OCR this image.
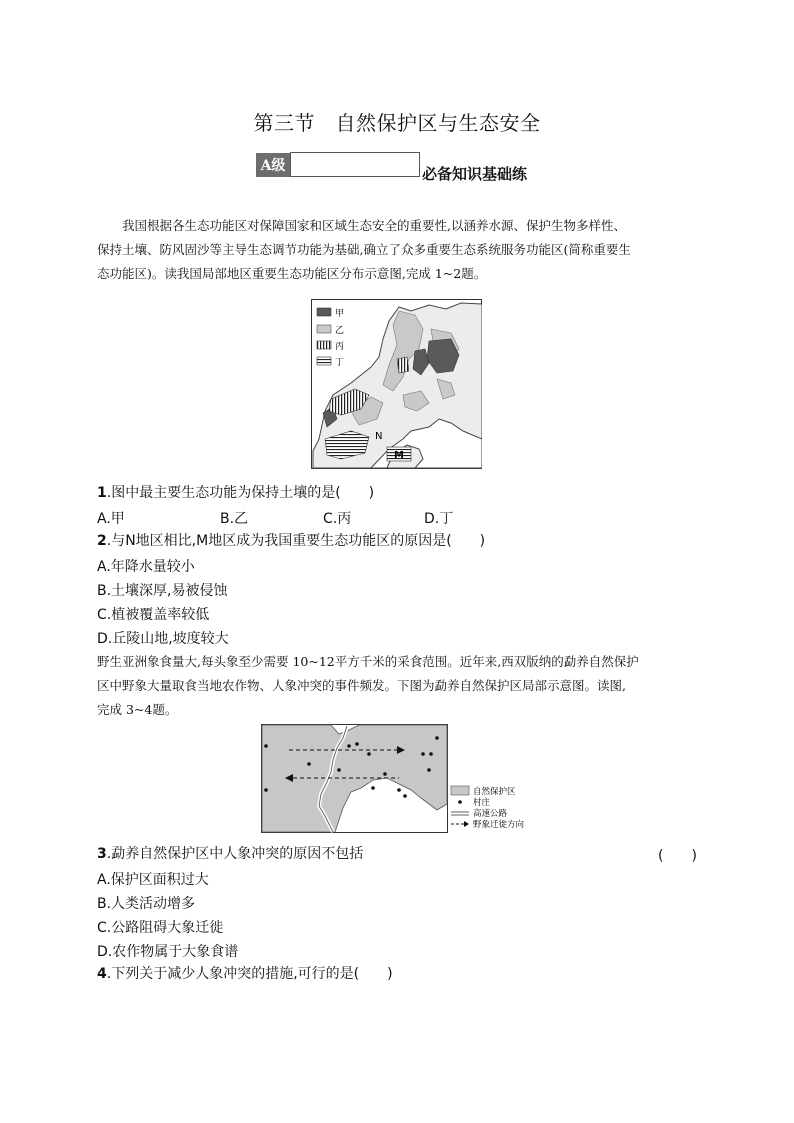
第三节　自然保护区与生态安全
A级	必备知识基础练
我国根据各生态功能区对保障国家和区域生态安全的重要性,以涵养水源、保护生物多样性、
保持土壤、防风固沙等主导生态调节功能为基础,确立了众多重要生态系统服务功能区(简称重要生
态功能区)。读我国局部地区重要生态功能区分布示意图,完成 1~2题。
甲
乙
丙
丁
N
M
1.图中最主要生态功能为保持土壤的是(　　)
A.甲	B.乙	C.丙	D.丁
2.与N地区相比,M地区成为我国重要生态功能区的原因是(　　)
A.年降水量较小
B.土壤深厚,易被侵蚀
C.植被覆盖率较低
D.丘陵山地,坡度较大
野生亚洲象食量大,每头象至少需要 10~12平方千米的采食范围。近年来,西双版纳的勐养自然保护
区中野象大量取食当地农作物、人象冲突的事件频发。下图为勐养自然保护区局部示意图。读图,
完成 3~4题。
自然保护区
村庄
高速公路
野象迁徙方向
3.勐养自然保护区中人象冲突的原因不包括	(　　)
A.保护区面积过大
B.人类活动增多
C.公路阻碍大象迁徙
D.农作物属于大象食谱
4.下列关于减少人象冲突的措施,可行的是(　　)
